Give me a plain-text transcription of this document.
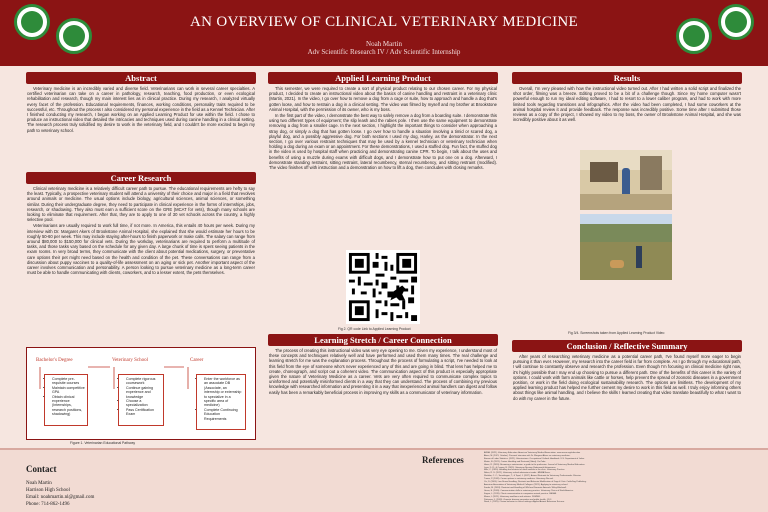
AN OVERVIEW OF CLINICAL VETERINARY MEDICINE
Noah Martin
Adv Scientific Research IV / Adv Scientific Internship
Abstract

Veterinary medicine is an incredibly varied and diverse field. Veterinarians can work in several career specialties. A certified veterinarian can take on a career in pathology, research, teaching, food production, or even ecological rehabilitation and research, though my main interest lies as in clinical practice. During my research, I analyzed virtually every facet of the profession. Educational requirements, finances, working conditions, personality traits required to be successful, etc. Throughout the process I also considered my personal experience in the field as a Kennel Technician. After I finished conducting my research, I began working on an Applied Learning Product for use within the field. I chose to produce an instructional video that detailed the intricacies and techniques used during canine handling in a clinical setting. The research process truly solidified my desire to work in the veterinary field, and I couldn't be more excited to begin my path to veterinary school.

Career Research

Clinical veterinary medicine is a relatively difficult career path to pursue. The educational requirements are hefty to say the least. Typically, a prospective veterinary student will attend a university of their choice and major in a field that revolves around animals or medicine. The usual options include biology, agricultural sciences, animal sciences, or something similar. During their undergraduate degree, they need to participate in clinical experience in the forms of internships, jobs, research, or shadowing. They also must earn a sufficient score on the GRE (MCAT for vets), though many schools are looking to eliminate that requirement. After that, they are to apply to one of 30 vet schools across the country, a highly selective pool.

Veterinarians are usually required to work full time, if not more. In America, this entails 40 hours per week. During my interview with Dr. Margaret Akers of Brookstone Animal Hospital, she explained that she would estimate her hours to be roughly 50-60 per week. This may include staying after-hours to finish paperwork or make calls. The salary can range from around $80,000 to $150,000 for clinical vets. During the workday, veterinarians are required to perform a multitude of tasks, and those tasks vary based on the schedule for any given day. A large chunk of time is spent seeing patients in the exam rooms. In very broad terms, they communicate with the client about potential medications, surgery, or preventative care options their pet might need based on the health and condition of the pet. These conversations can range from a discussion about puppy vaccines to a quality-of-life assessment on an aging or sick pet. Another important aspect of the career involves communication and personability. A person looking to pursue veterinary medicine as a long-term career must be able to handle communicating with clients, coworkers, and to a lesser extent, the pets themselves.

Bachelor's Degree
• Complete pre-requisite courses
• Maintain competitive GPA
• Obtain clinical experience (Internships, research positions, shadowing)
Veterinary School
• Complete rigorous coursework
• Continue gaining experience and knowledge
• Choose a specialization
• Pass Certification Exam
Career
• Enter the workforce as an associate DB (Associate, an internship or externship to specialize in a specific area of medicine)
• Complete Continuing Education Requirements
Figure 1. Veterinarian Educational Pathway
Applied Learning Product

This semester, we were required to create a sort of physical product relating to our chosen career. For my physical product, I decided to create an instructional video about the basics of canine handling and restraint in a veterinary clinic (Martin, 2021). In the video, I go over how to remove a dog from a cage or suite, how to approach and handle a dog that's gotten loose, and how to restrain a dog in a clinical setting. The video was filmed by myself and my brother at Brookstone Animal Hospital, with the permission of its owner, who is my boss.

In the first part of the video, I demonstrate the best way to safely remove a dog from a boarding suite. I demonstrate this using two different types of equipment; the slip leash and the rabies pole. I then use the same equipment to demonstrate removing a dog from a smaller cage. In the next section, I highlight the important things to consider when approaching a stray dog, or simply a dog that has gotten loose. I go over how to handle a situation involving a timid or scared dog, a playful dog, and a possibly aggressive dog. For both sections I used my dog, Harley, as the demonstrator. In the next section, I go over various restraint techniques that may be used by a kennel technician or veterinary technician when holding a dog during an exam or an appointment. For these demonstrations, I used a stuffed dog. Fun fact, the stuffed dog in the video is used by hospital staff when practicing and demonstrating canine CPR. To begin, I talk about the uses and benefits of using a muzzle during exams with difficult dogs, and I demonstrate how to put one on a dog. Afterward, I demonstrate standing restraint, sitting restraint, lateral recumbency, sternal recumbency, and sitting restraint (modified). The video finishes off with instruction and a demonstration on how to lift a dog, then concludes with closing remarks.

Fig 2. QR code Link to Applied Learning Product
Learning Stretch / Career Connection

The process of creating this instructional video was very eye opening to me. Given my experience, I understand most of these concepts and techniques relatively well and have performed and used them many times. The real challenge and learning stretch for me was the explanation process. Throughout the process of formulating a script, I've needed to look at this field from the eye of someone who's never experienced any of this and are going in blind. That lens has helped me to create, choreograph, and script out a coherent video. The communication aspect of this product is especially appropriate given the nature of Veterinary Medicine as a career. Vets are very often required to communicate complex topics to uninformed and potentially misinformed clients in a way that they can understand. The process of combining my previous knowledge with researched information and presenting it in a way that inexperienced animal handlers can digest and follow easily has been a remarkably beneficial process in improving my skills as a communicator of veterinary information.

Results

Overall, I'm very pleased with how the instructional video turned out. After I had written a solid script and finalized the shot order, filming was a breeze. Editing proved to be a bit of a challenge though. Since my home computer wasn't powerful enough to run my ideal editing software, I had to resort to a lower caliber program, and had to work with more limited tools regarding transitions and infographics. After the video had been completed, I had some coworkers at the animal hospital review it and provide feedback. The response was incredibly positive. Some time after I submitted those reviews as a copy of the project, I showed my video to my boss, the owner of Brookstone Animal Hospital, and she was incredibly positive about it as well.

Fig 3/4. Screenshots taken from Applied Learning Product Video
Conclusion / Reflective Summary

After years of researching veterinary medicine as a potential career path, I've found myself more eager to begin pursuing it than ever. However, my research into the career field is far from complete. As I go through my educational path, I will continue to constantly observe and research the profession. Even though I'm focusing on clinical medicine right now, it's highly possible that I may end up choosing to pursue a different path. One of the benefits of this career is the variety of options. I could work with farm animals like cattle or horses, help prevent the spread of zoonotic diseases in a government position, or work in the field doing ecological sustainability research. The options are limitless. The development of my applied learning product has helped me further cement my desire to work in this field as well. I truly enjoy informing others about things like animal handling, and I believe the skills I learned creating that video translate beautifully to what I want to do with my career in the future.

Contact
Noah Martin
Harrison High School
Email: noahmartin.nl@gmail.com
Phone: 714-862-1496
References
AVMA. (2021). Veterinary Education. American Veterinary Medical Association. www.avma.org/education
Akers, M. (2021, October). Personal interview with Dr. Margaret Akers on veterinary medicine.
Bureau of Labor Statistics. (2021). Veterinarians: Occupational Outlook Handbook. U.S. Department of Labor.
Martin, N. (2021). Canine Handling and Restraint [Video]. YouTube.
Hines, R. (2020). Becoming a veterinarian: a guide to the profession. Journal of Veterinary Medical Education.
Lane, D. R., & Cooper, B. (2019). Veterinary Nursing. Butterworth-Heinemann.
Mills, C. (2020). Handling and restraint of small animals in the clinic. Veterinary Practice.
Nolen, R. S. (2021). Veterinary school admissions trends. JAVMA News.
Sheldon, C. C., Sonsthagen, T., & Topel, J. (2017). Animal Restraint for Veterinary Professionals. Elsevier.
Turner, P. (2020). Career options in veterinary medicine. Veterinary Record.
Yin, S. (2009). Low Stress Handling, Restraint and Behavior Modification of Dogs & Cats. CattleDog Publishing.
American Association of Veterinary Medical Colleges. (2021). Applying to veterinary school.
Fowler, M. (2018). Restraint and Handling of Wild and Domestic Animals. Wiley-Blackwell.
Gross, E. (2020). Communication skills in veterinary practice. Veterinary Clinics of North America.
Kogan, L. (2019). Client communication in companion animal practice. JAVMA.
Moore, I. (2021). Veterinary workforce and salaries. DVM360.
Patterson, J. (2020). Zoonotic disease prevention and public health. CDC.
Reed, L. (2019). Canine behavior in clinical settings. Applied Animal Behaviour Science.
